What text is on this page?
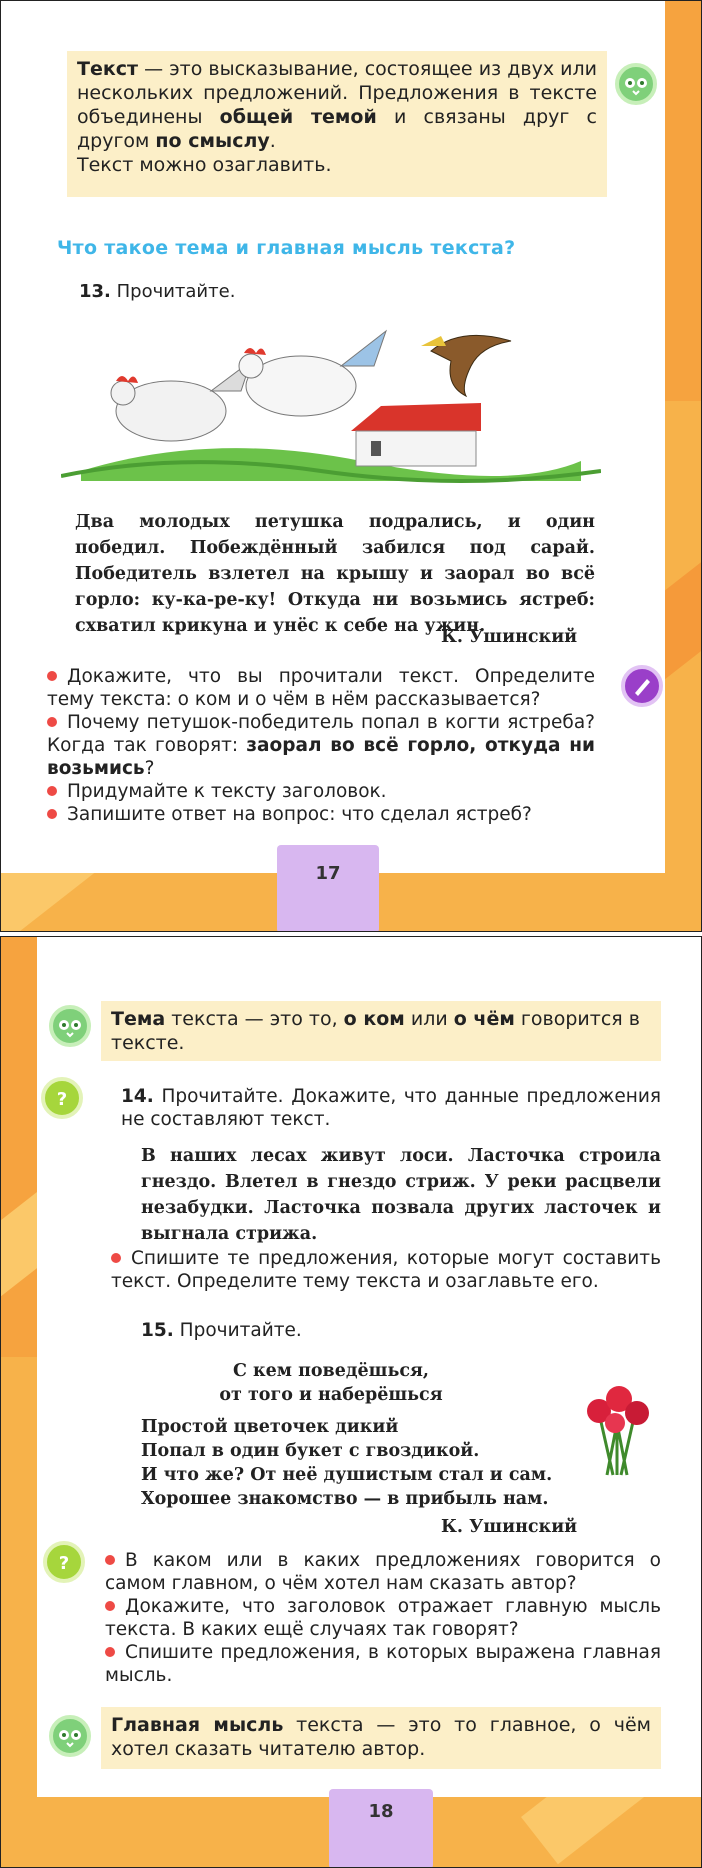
Текст — это высказывание, состоящее из двух или нескольких предложений. Предложения в тексте объединены общей темой и связаны друг с другом по смыслу.
Текст можно озаглавить.
Что такое тема и главная мысль текста?
13. Прочитайте.
Два молодых петушка подрались, и один победил. Побеждённый забился под сарай. Победитель взлетел на крышу и заорал во всё горло: ку-ка-ре-ку! Откуда ни возьмись ястреб: схватил крикуна и унёс к себе на ужин.
К. Ушинский
Докажите, что вы прочитали текст. Определите тему текста: о ком и о чём в нём рассказывается?
Почему петушок-победитель попал в когти ястреба? Когда так говорят: заорал во всё горло, откуда ни возьмись?
Придумайте к тексту заголовок.
Запишите ответ на вопрос: что сделал ястреб?
17
Тема текста — это то, о ком или о чём говорится в тексте.
?	14. Прочитайте. Докажите, что данные предложения не составляют текст.
В наших лесах живут лоси. Ласточка строила гнездо. Влетел в гнездо стриж. У реки расцвели незабудки. Ласточка позвала других ласточек и выгнала стрижа.
Спишите те предложения, которые могут составить текст. Определите тему текста и озаглавьте его.
15. Прочитайте.
С кем поведёшься,
от того и наберёшься
Простой цветочек дикий
Попал в один букет с гвоздикой.
И что же? От неё душистым стал и сам.
Хорошее знакомство — в прибыль нам.
К. Ушинский
?	В каком или в каких предложениях говорится о самом главном, о чём хотел нам сказать автор?
Докажите, что заголовок отражает главную мысль текста. В каких ещё случаях так говорят?
Спишите предложения, в которых выражена главная мысль.
Главная мысль текста — это то главное, о чём хотел сказать читателю автор.
18
